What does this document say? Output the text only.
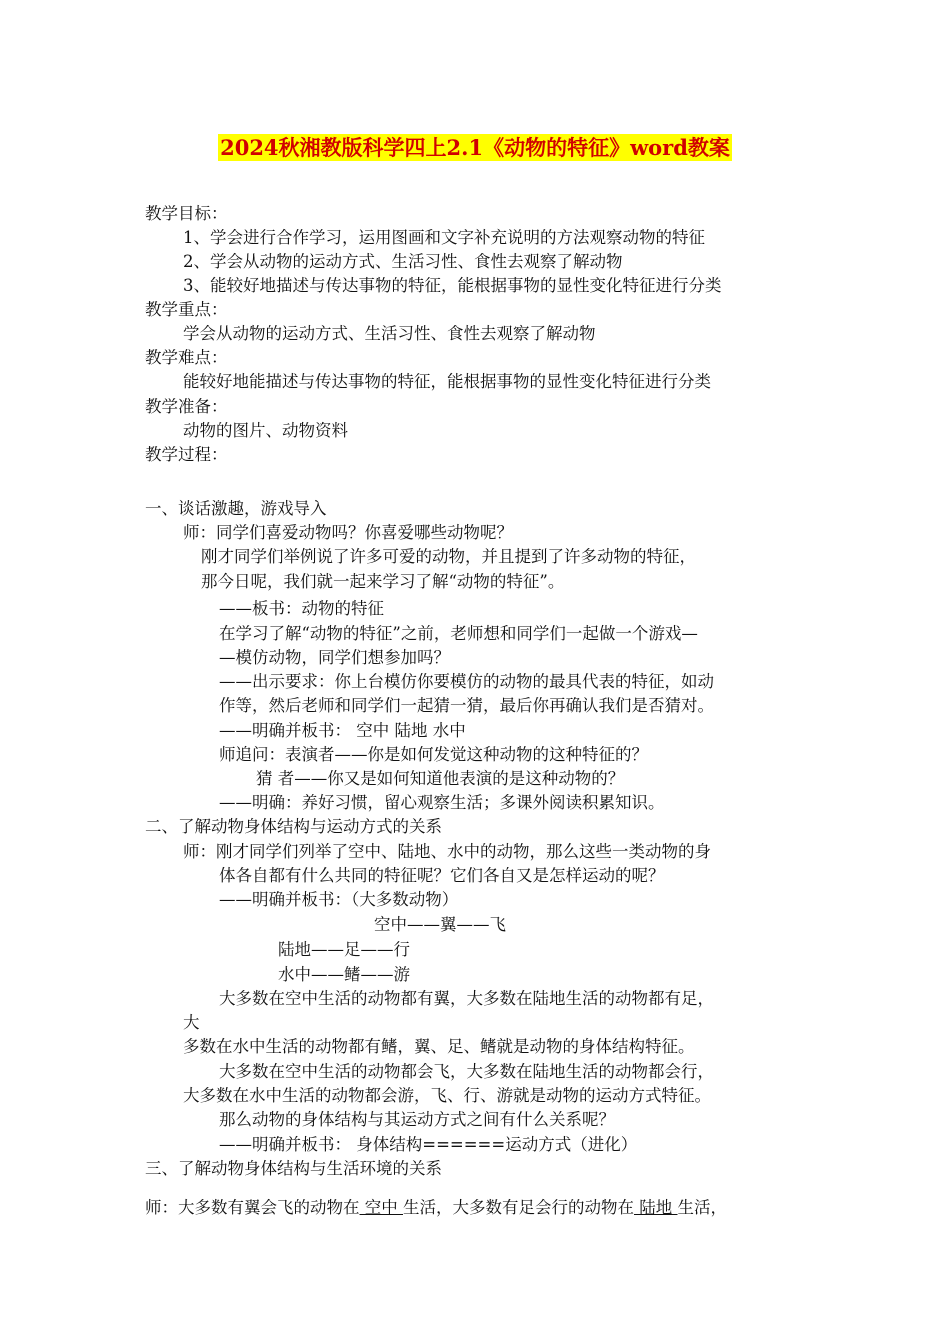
2024秋湘教版科学四上2.1《动物的特征》word教案
教学目标：
1、学会进行合作学习，运用图画和文字补充说明的方法观察动物的特征
2、学会从动物的运动方式、生活习性、食性去观察了解动物
3、能较好地描述与传达事物的特征，能根据事物的显性变化特征进行分类
教学重点：
学会从动物的运动方式、生活习性、食性去观察了解动物
教学难点：
能较好地能描述与传达事物的特征，能根据事物的显性变化特征进行分类
教学准备：
动物的图片、动物资料
教学过程：
一、谈话激趣，游戏导入
师：同学们喜爱动物吗？你喜爱哪些动物呢？
刚才同学们举例说了许多可爱的动物，并且提到了许多动物的特征，
那今日呢，我们就一起来学习了解“动物的特征”。
——板书：动物的特征
在学习了解“动物的特征”之前，老师想和同学们一起做一个游戏—
—模仿动物，同学们想参加吗？
——出示要求：你上台模仿你要模仿的动物的最具代表的特征，如动
作等，然后老师和同学们一起猜一猜，最后你再确认我们是否猜对。
——明确并板书： 空中 陆地 水中
师追问：表演者——你是如何发觉这种动物的这种特征的？
猜 者——你又是如何知道他表演的是这种动物的？
——明确：养好习惯，留心观察生活；多课外阅读积累知识。
二、了解动物身体结构与运动方式的关系
师：刚才同学们列举了空中、陆地、水中的动物，那么这些一类动物的身
体各自都有什么共同的特征呢？它们各自又是怎样运动的呢？
——明确并板书：（大多数动物）
空中——翼——飞
陆地——足——行
水中——鳍——游
大多数在空中生活的动物都有翼，大多数在陆地生活的动物都有足，
大
多数在水中生活的动物都有鳍，翼、足、鳍就是动物的身体结构特征。
大多数在空中生活的动物都会飞，大多数在陆地生活的动物都会行，
大多数在水中生活的动物都会游，飞、行、游就是动物的运动方式特征。
那么动物的身体结构与其运动方式之间有什么关系呢？
——明确并板书： 身体结构======运动方式（进化）
三、了解动物身体结构与生活环境的关系
师：大多数有翼会飞的动物在 空中 生活，大多数有足会行的动物在 陆地 生活，
